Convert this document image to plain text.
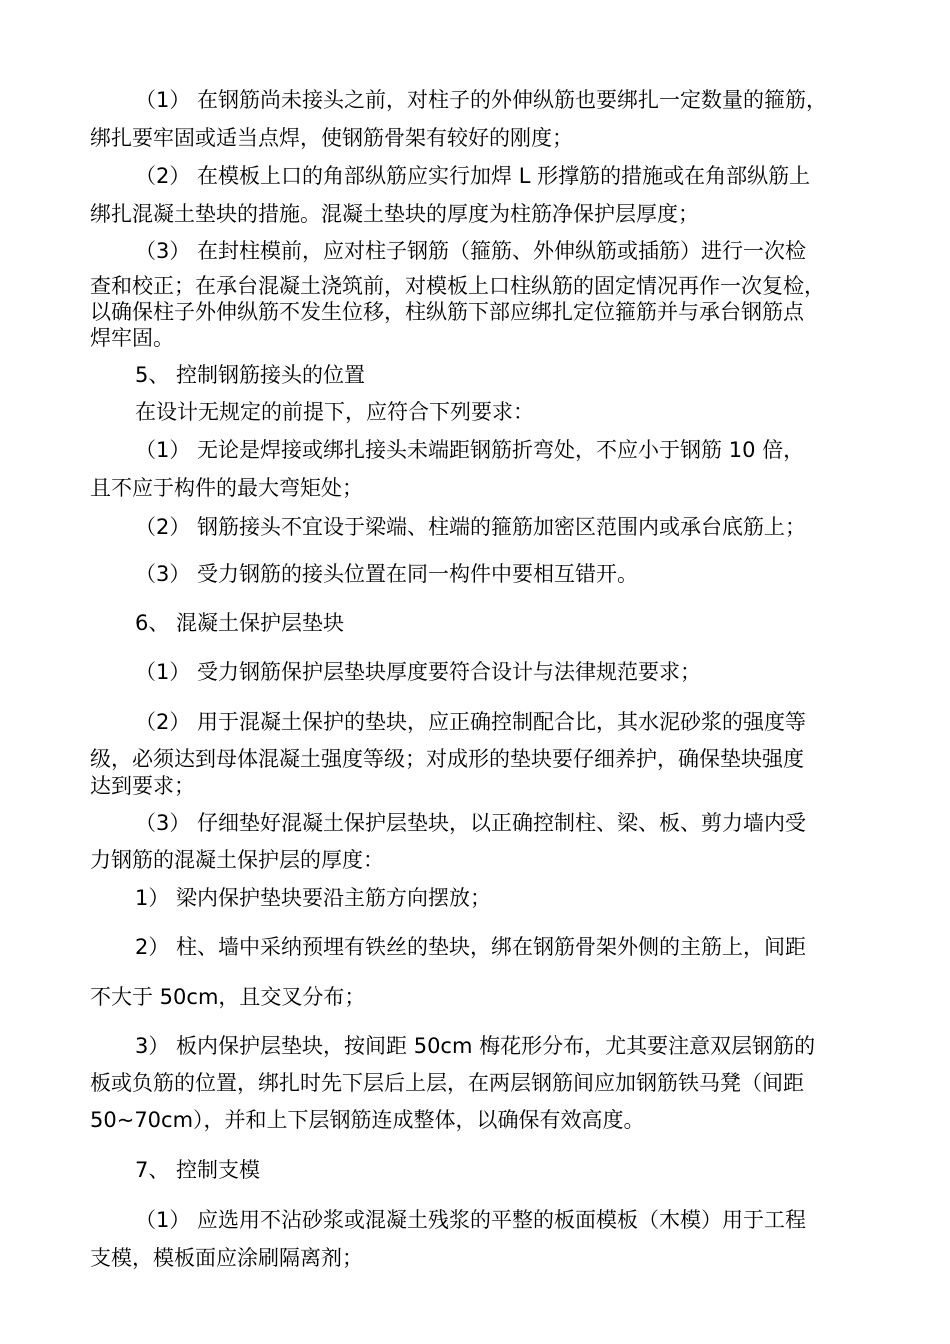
（1） 在钢筋尚未接头之前，对柱子的外伸纵筋也要绑扎一定数量的箍筋，
绑扎要牢固或适当点焊，使钢筋骨架有较好的刚度；
（2） 在模板上口的角部纵筋应实行加焊 L 形撑筋的措施或在角部纵筋上
绑扎混凝土垫块的措施。混凝土垫块的厚度为柱筋净保护层厚度；
（3） 在封柱模前，应对柱子钢筋（箍筋、外伸纵筋或插筋）进行一次检
查和校正；在承台混凝土浇筑前，对模板上口柱纵筋的固定情况再作一次复检，
以确保柱子外伸纵筋不发生位移，柱纵筋下部应绑扎定位箍筋并与承台钢筋点
焊牢固。
5、 控制钢筋接头的位置
在设计无规定的前提下，应符合下列要求：
（1） 无论是焊接或绑扎接头未端距钢筋折弯处，不应小于钢筋 10 倍，
且不应于构件的最大弯矩处；
（2） 钢筋接头不宜设于梁端、柱端的箍筋加密区范围内或承台底筋上；
（3） 受力钢筋的接头位置在同一构件中要相互错开。
6、 混凝土保护层垫块
（1） 受力钢筋保护层垫块厚度要符合设计与法律规范要求；
（2） 用于混凝土保护的垫块，应正确控制配合比，其水泥砂浆的强度等
级，必须达到母体混凝土强度等级；对成形的垫块要仔细养护，确保垫块强度
达到要求；
（3） 仔细垫好混凝土保护层垫块，以正确控制柱、梁、板、剪力墙内受
力钢筋的混凝土保护层的厚度：
1） 梁内保护垫块要沿主筋方向摆放；
2） 柱、墙中采纳预埋有铁丝的垫块，绑在钢筋骨架外侧的主筋上，间距
不大于 50cm，且交叉分布；
3） 板内保护层垫块，按间距 50cm 梅花形分布，尤其要注意双层钢筋的
板或负筋的位置，绑扎时先下层后上层，在两层钢筋间应加钢筋铁马凳（间距
50~70cm），并和上下层钢筋连成整体，以确保有效高度。
7、 控制支模
（1） 应选用不沾砂浆或混凝土残浆的平整的板面模板（木模）用于工程
支模，模板面应涂刷隔离剂；
